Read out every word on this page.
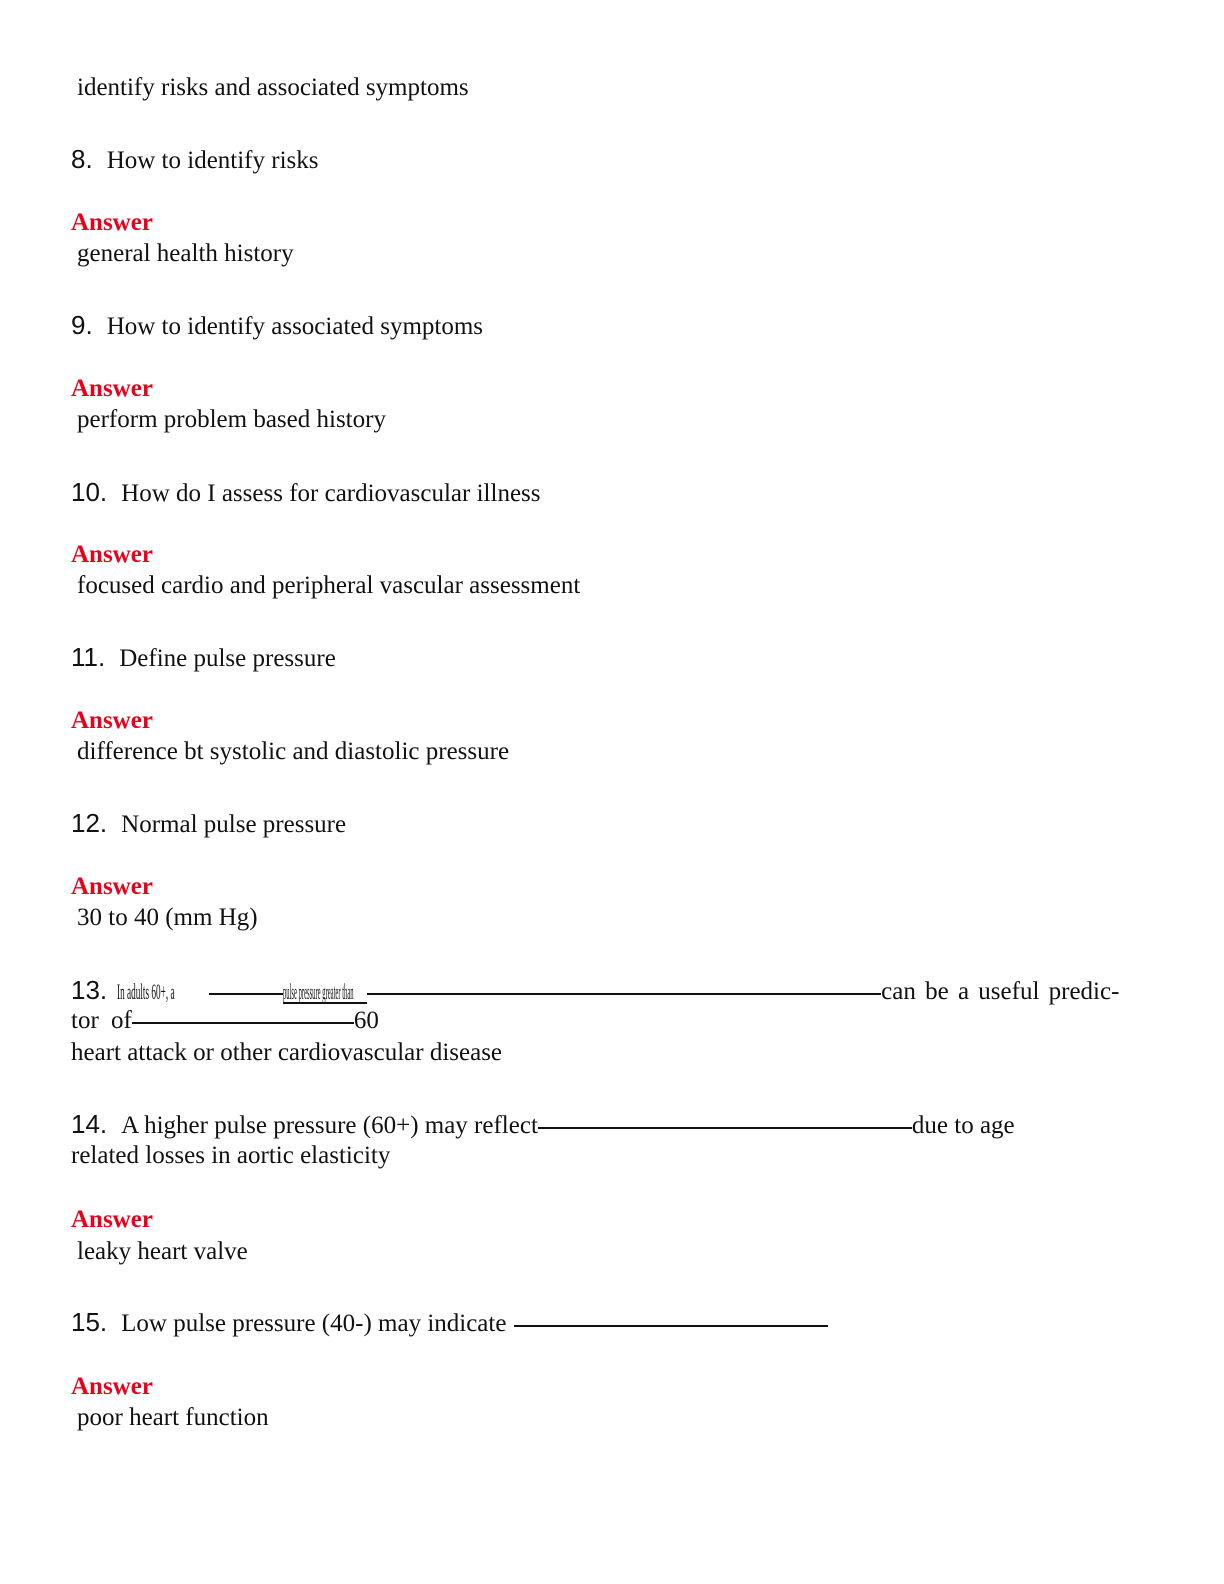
identify risks and associated symptoms
8. How to identify risks
Answer
general health history
9. How to identify associated symptoms
Answer
perform problem based history
10. How do I assess for cardiovascular illness
Answer
focused cardio and peripheral vascular assessment
11. Define pulse pressure
Answer
difference bt systolic and diastolic pressure
12. Normal pulse pressure
Answer
30 to 40 (mm Hg)
13. In adults 60+, a	pulse pressure greater than	can be a useful predic-
tor of	60
heart attack or other cardiovascular disease
14. A higher pulse pressure (60+) may reflect	due to age
related losses in aortic elasticity
Answer
leaky heart valve
15. Low pulse pressure (40-) may indicate
Answer
poor heart function
